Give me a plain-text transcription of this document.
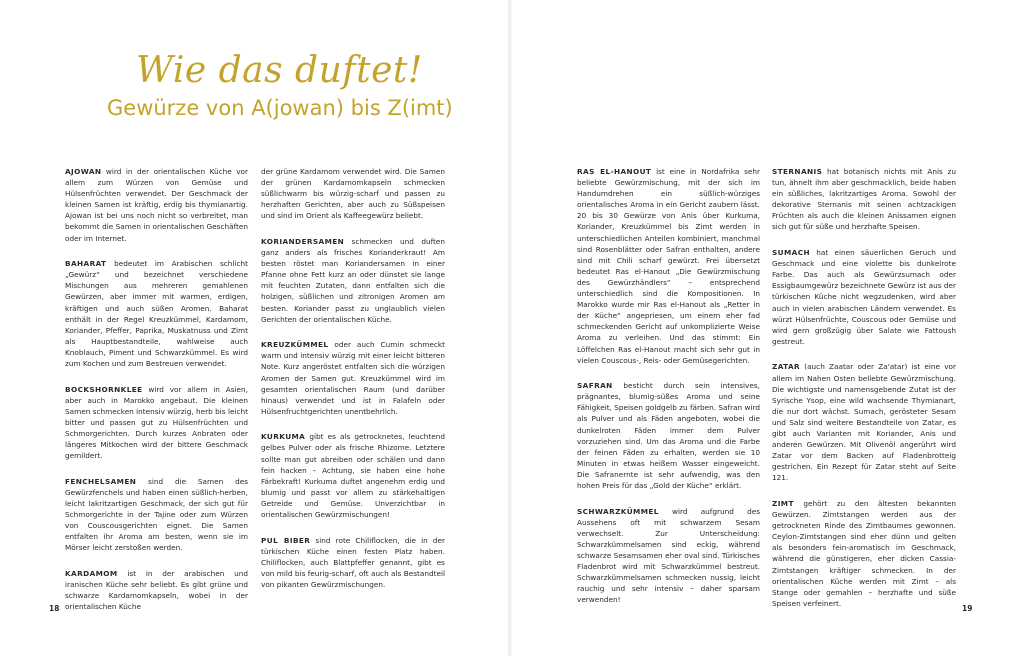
Wie das duftet!
Gewürze von A(jowan) bis Z(imt)

AJOWAN wird in der orientalischen Küche vor allem zum Würzen von Gemüse und Hülsenfrüchten verwendet. Der Geschmack der kleinen Samen ist kräftig, erdig bis thymianartig. Ajowan ist bei uns noch nicht so verbreitet, man bekommt die Samen in orientalischen Geschäften oder im Internet.

BAHARAT bedeutet im Arabischen schlicht „Gewürz“ und bezeichnet verschiedene Mischungen aus mehreren gemahlenen Gewürzen, aber immer mit warmen, erdigen, kräftigen und auch süßen Aromen. Baharat enthält in der Regel Kreuzkümmel, Kardamom, Koriander, Pfeffer, Paprika, Muskatnuss und Zimt als Hauptbestandteile, wahlweise auch Knoblauch, Piment und Schwarzkümmel. Es wird zum Kochen und zum Bestreuen verwendet.

BOCKSHORNKLEE wird vor allem in Asien, aber auch in Marokko angebaut. Die kleinen Samen schmecken intensiv würzig, herb bis leicht bitter und passen gut zu Hülsenfrüchten und Schmorgerichten. Durch kurzes Anbraten oder längeres Mitkochen wird der bittere Geschmack gemildert.

FENCHELSAMEN sind die Samen des Gewürzfenchels und haben einen süßlich-herben, leicht lakritzartigen Geschmack, der sich gut für Schmorgerichte in der Tajine oder zum Würzen von Couscousgerichten eignet. Die Samen entfalten ihr Aroma am besten, wenn sie im Mörser leicht zerstoßen werden.

KARDAMOM ist in der arabischen und iranischen Küche sehr beliebt. Es gibt grüne und schwarze Kardamomkapseln, wobei in der orientalischen Küche

der grüne Kardamom verwendet wird. Die Samen der grünen Kardamomkapseln schmecken süßlichwarm bis würzig-scharf und passen zu herzhaften Gerichten, aber auch zu Süßspeisen und sind im Orient als Kaffeegewürz beliebt.

KORIANDERSAMEN schmecken und duften ganz anders als frisches Korianderkraut! Am besten röstet man Koriandersamen in einer Pfanne ohne Fett kurz an oder dünstet sie lange mit feuchten Zutaten, dann entfalten sich die holzigen, süßlichen und zitronigen Aromen am besten. Koriander passt zu unglaublich vielen Gerichten der orientalischen Küche.

KREUZKÜMMEL oder auch Cumin schmeckt warm und intensiv würzig mit einer leicht bitteren Note. Kurz angeröstet entfalten sich die würzigen Aromen der Samen gut. Kreuzkümmel wird im gesamten orientalischen Raum (und darüber hinaus) verwendet und ist in Falafeln oder Hülsenfruchtgerichten unentbehrlich.

KURKUMA gibt es als getrocknetes, leuchtend gelbes Pulver oder als frische Rhizome. Letztere sollte man gut abreiben oder schälen und dann fein hacken – Achtung, sie haben eine hohe Färbekraft! Kurkuma duftet angenehm erdig und blumig und passt vor allem zu stärkehaltigen Getreide und Gemüse. Unverzichtbar in orientalischen Gewürzmischungen!

PUL BIBER sind rote Chiliflocken, die in der türkischen Küche einen festen Platz haben. Chiliflocken, auch Blattpfeffer genannt, gibt es von mild bis feurig-scharf, oft auch als Bestandteil von pikanten Gewürzmischungen.

RAS EL-HANOUT ist eine in Nordafrika sehr beliebte Gewürzmischung, mit der sich im Handumdrehen ein süßlich-würziges orientalisches Aroma in ein Gericht zaubern lässt. 20 bis 30 Gewürze von Anis über Kurkuma, Koriander, Kreuzkümmel bis Zimt werden in unterschiedlichen Anteilen kombiniert, manchmal sind Rosenblätter oder Safran enthalten, andere sind mit Chili scharf gewürzt. Frei übersetzt bedeutet Ras el-Hanout „Die Gewürzmischung des Gewürzhändlers“ – entsprechend unterschiedlich sind die Kompositionen. In Marokko wurde mir Ras el-Hanout als „Retter in der Küche“ angepriesen, um einem eher fad schmeckenden Gericht auf unkomplizierte Weise Aroma zu verleihen. Und das stimmt: Ein Löffelchen Ras el-Hanout macht sich sehr gut in vielen Couscous-, Reis- oder Gemüsegerichten.

SAFRAN besticht durch sein intensives, prägnantes, blumig-süßes Aroma und seine Fähigkeit, Speisen goldgelb zu färben. Safran wird als Pulver und als Fäden angeboten, wobei die dunkelroten Fäden immer dem Pulver vorzuziehen sind. Um das Aroma und die Farbe der feinen Fäden zu erhalten, werden sie 10 Minuten in etwas heißem Wasser eingeweicht. Die Safranernte ist sehr aufwendig, was den hohen Preis für das „Gold der Küche“ erklärt.

SCHWARZKÜMMEL wird aufgrund des Aussehens oft mit schwarzem Sesam verwechselt. Zur Unterscheidung: Schwarzkümmelsamen sind eckig, während schwarze Sesamsamen eher oval sind. Türkisches Fladenbrot wird mit Schwarzkümmel bestreut. Schwarzkümmelsamen schmecken nussig, leicht rauchig und sehr intensiv – daher sparsam verwenden!

STERNANIS hat botanisch nichts mit Anis zu tun, ähnelt ihm aber geschmacklich, beide haben ein süßliches, lakritzartiges Aroma. Sowohl der dekorative Sternanis mit seinen achtzackigen Früchten als auch die kleinen Anissamen eignen sich gut für süße und herzhafte Speisen.

SUMACH hat einen säuerlichen Geruch und Geschmack und eine violette bis dunkelrote Farbe. Das auch als Gewürzsumach oder Essigbaumgewürz bezeichnete Gewürz ist aus der türkischen Küche nicht wegzudenken, wird aber auch in vielen arabischen Ländern verwendet. Es würzt Hülsenfrüchte, Couscous oder Gemüse und wird gern großzügig über Salate wie Fattoush gestreut.

ZATAR (auch Zaatar oder Za'atar) ist eine vor allem im Nahen Osten beliebte Gewürzmischung. Die wichtigste und namensgebende Zutat ist der Syrische Ysop, eine wild wachsende Thymianart, die nur dort wächst. Sumach, gerösteter Sesam und Salz sind weitere Bestandteile von Zatar, es gibt auch Varianten mit Koriander, Anis und anderen Gewürzen. Mit Olivenöl angerührt wird Zatar vor dem Backen auf Fladenbrotteig gestrichen. Ein Rezept für Zatar steht auf Seite 121.

ZIMT gehört zu den ältesten bekannten Gewürzen. Zimtstangen werden aus der getrockneten Rinde des Zimtbaumes gewonnen. Ceylon-Zimtstangen sind eher dünn und gelten als besonders fein-aromatisch im Geschmack, während die günstigeren, eher dicken Cassia-Zimtstangen kräftiger schmecken. In der orientalischen Küche werden mit Zimt – als Stange oder gemahlen – herzhafte und süße Speisen verfeinert.

18	19
